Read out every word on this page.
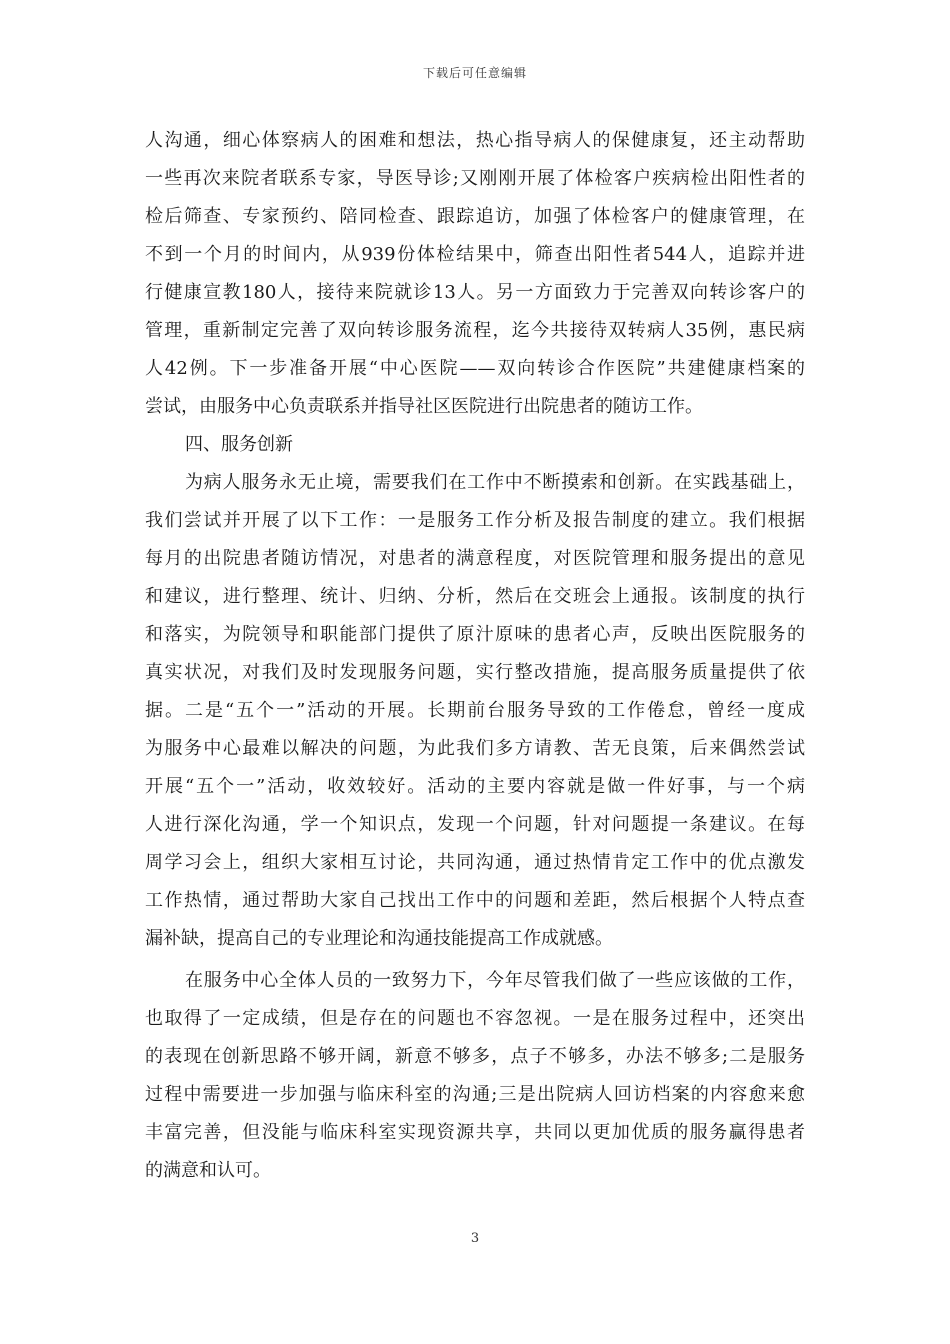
下载后可任意编辑
人沟通，细心体察病人的困难和想法，热心指导病人的保健康复，还主动帮助
一些再次来院者联系专家，导医导诊;又刚刚开展了体检客户疾病检出阳性者的
检后筛查、专家预约、陪同检查、跟踪追访，加强了体检客户的健康管理，在
不到一个月的时间内，从939份体检结果中，筛查出阳性者544人，追踪并进
行健康宣教180人，接待来院就诊13人。另一方面致力于完善双向转诊客户的
管理，重新制定完善了双向转诊服务流程，迄今共接待双转病人35例，惠民病
人42例。下一步准备开展“中心医院——双向转诊合作医院”共建健康档案的
尝试，由服务中心负责联系并指导社区医院进行出院患者的随访工作。
四、服务创新
为病人服务永无止境，需要我们在工作中不断摸索和创新。在实践基础上，
我们尝试并开展了以下工作：一是服务工作分析及报告制度的建立。我们根据
每月的出院患者随访情况，对患者的满意程度，对医院管理和服务提出的意见
和建议，进行整理、统计、归纳、分析，然后在交班会上通报。该制度的执行
和落实，为院领导和职能部门提供了原汁原味的患者心声，反映出医院服务的
真实状况，对我们及时发现服务问题，实行整改措施，提高服务质量提供了依
据。二是“五个一”活动的开展。长期前台服务导致的工作倦怠，曾经一度成
为服务中心最难以解决的问题，为此我们多方请教、苦无良策，后来偶然尝试
开展“五个一”活动，收效较好。活动的主要内容就是做一件好事，与一个病
人进行深化沟通，学一个知识点，发现一个问题，针对问题提一条建议。在每
周学习会上，组织大家相互讨论，共同沟通，通过热情肯定工作中的优点激发
工作热情，通过帮助大家自己找出工作中的问题和差距，然后根据个人特点查
漏补缺，提高自己的专业理论和沟通技能提高工作成就感。
在服务中心全体人员的一致努力下，今年尽管我们做了一些应该做的工作，
也取得了一定成绩，但是存在的问题也不容忽视。一是在服务过程中，还突出
的表现在创新思路不够开阔，新意不够多，点子不够多，办法不够多;二是服务
过程中需要进一步加强与临床科室的沟通;三是出院病人回访档案的内容愈来愈
丰富完善，但没能与临床科室实现资源共享，共同以更加优质的服务赢得患者
的满意和认可。
3
